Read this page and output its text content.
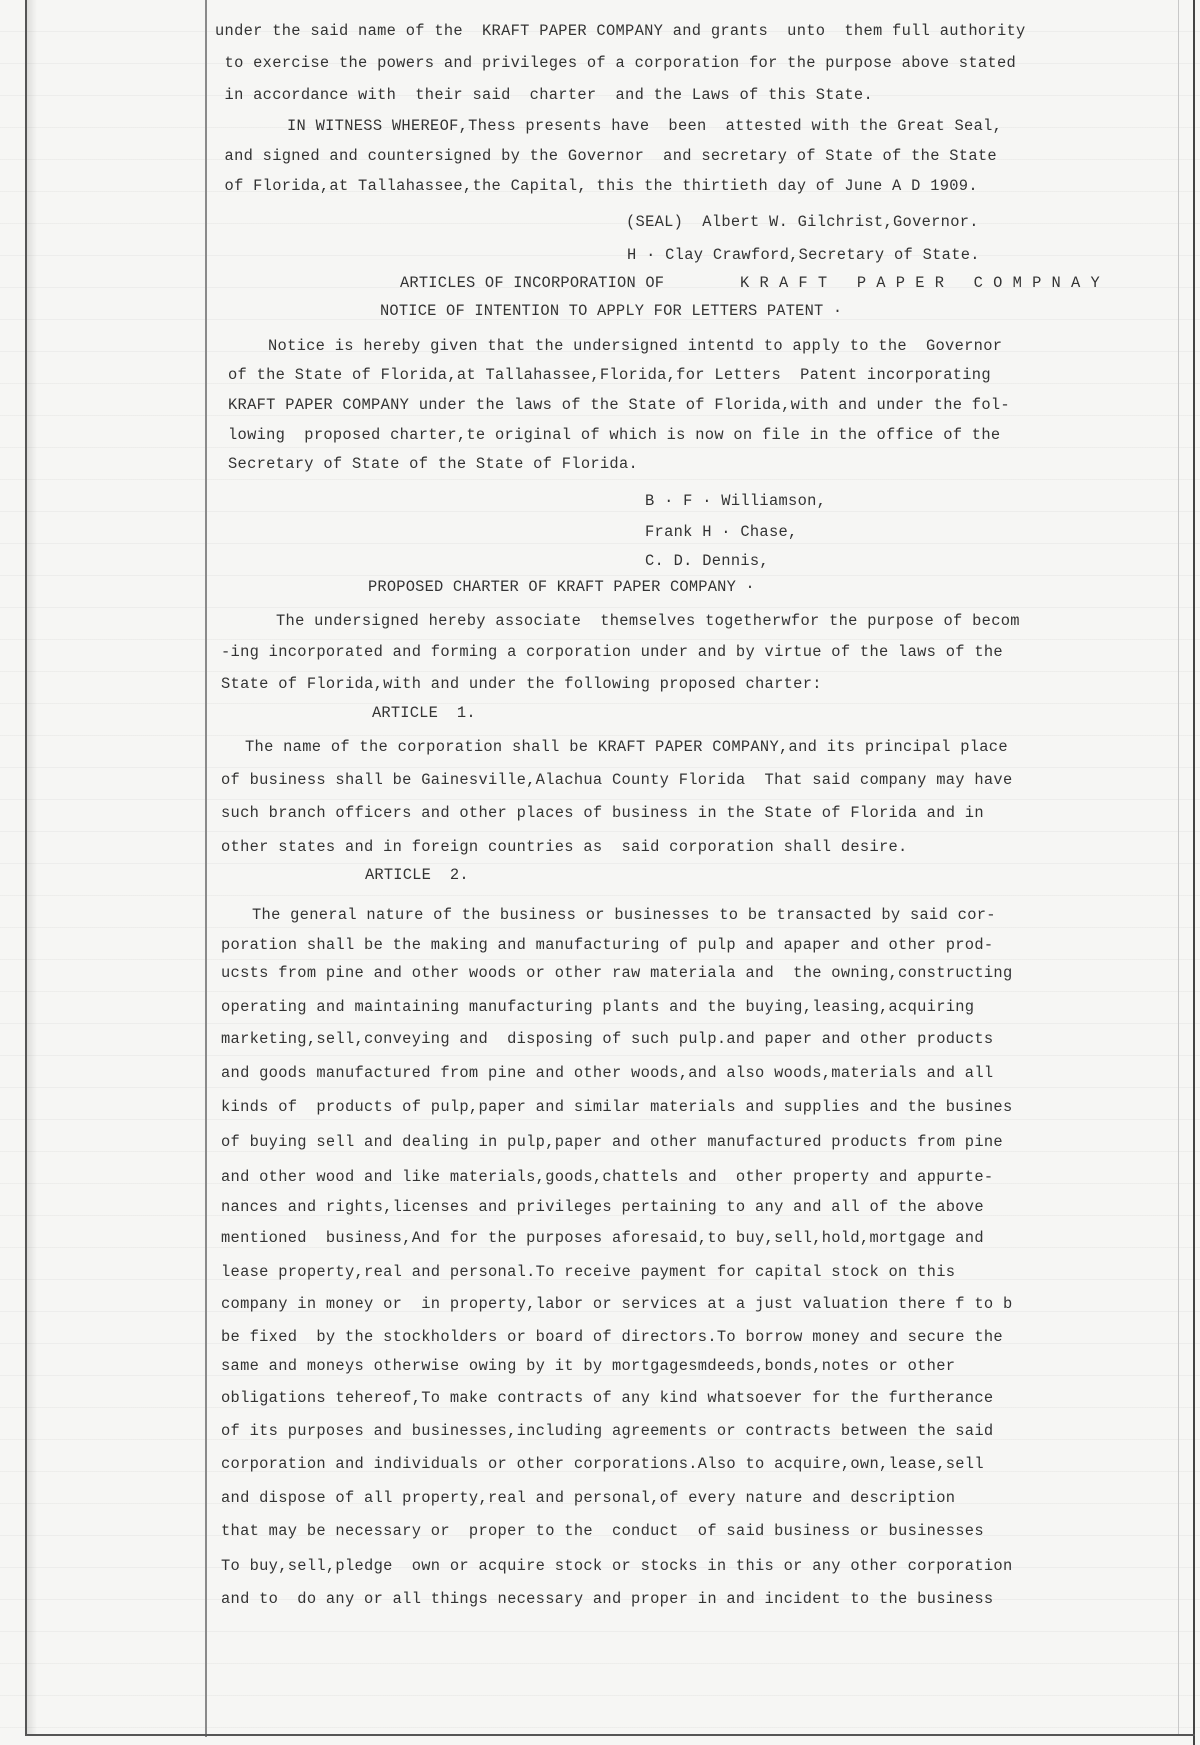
under the said name of the  KRAFT PAPER COMPANY and grants  unto  them full authority
to exercise the powers and privileges of a corporation for the purpose above stated
in accordance with  their said  charter  and the Laws of this State.
IN WITNESS WHEREOF,Thess presents have  been  attested with the Great Seal,
and signed and countersigned by the Governor  and secretary of State of the State
of Florida,at Tallahassee,the Capital, this the thirtieth day of June A D 1909.
(SEAL)  Albert W. Gilchrist,Governor.
H · Clay Crawford,Secretary of State.
ARTICLES OF INCORPORATION OF	K R A F T   P A P E R   C O M P N A Y
NOTICE OF INTENTION TO APPLY FOR LETTERS PATENT ·
Notice is hereby given that the undersigned intentd to apply to the  Governor
of the State of Florida,at Tallahassee,Florida,for Letters  Patent incorporating
KRAFT PAPER COMPANY under the laws of the State of Florida,with and under the fol-
lowing  proposed charter,te original of which is now on file in the office of the
Secretary of State of the State of Florida.
B · F · Williamson,
Frank H · Chase,
C. D. Dennis,
PROPOSED CHARTER OF KRAFT PAPER COMPANY ·
The undersigned hereby associate  themselves togetherwfor the purpose of becom
-ing incorporated and forming a corporation under and by virtue of the laws of the
State of Florida,with and under the following proposed charter:
ARTICLE  1.
The name of the corporation shall be KRAFT PAPER COMPANY,and its principal place
of business shall be Gainesville,Alachua County Florida  That said company may have
such branch officers and other places of business in the State of Florida and in
other states and in foreign countries as  said corporation shall desire.
ARTICLE  2.
The general nature of the business or businesses to be transacted by said cor-
poration shall be the making and manufacturing of pulp and apaper and other prod-
ucsts from pine and other woods or other raw materiala and  the owning,constructing
operating and maintaining manufacturing plants and the buying,leasing,acquiring
marketing,sell,conveying and  disposing of such pulp.and paper and other products
and goods manufactured from pine and other woods,and also woods,materials and all
kinds of  products of pulp,paper and similar materials and supplies and the busines
of buying sell and dealing in pulp,paper and other manufactured products from pine
and other wood and like materials,goods,chattels and  other property and appurte-
nances and rights,licenses and privileges pertaining to any and all of the above
mentioned  business,And for the purposes aforesaid,to buy,sell,hold,mortgage and
lease property,real and personal.To receive payment for capital stock on this
company in money or  in property,labor or services at a just valuation there f to b
be fixed  by the stockholders or board of directors.To borrow money and secure the
same and moneys otherwise owing by it by mortgagesmdeeds,bonds,notes or other
obligations tehereof,To make contracts of any kind whatsoever for the furtherance
of its purposes and businesses,including agreements or contracts between the said
corporation and individuals or other corporations.Also to acquire,own,lease,sell
and dispose of all property,real and personal,of every nature and description
that may be necessary or  proper to the  conduct  of said business or businesses
To buy,sell,pledge  own or acquire stock or stocks in this or any other corporation
and to  do any or all things necessary and proper in and incident to the business
